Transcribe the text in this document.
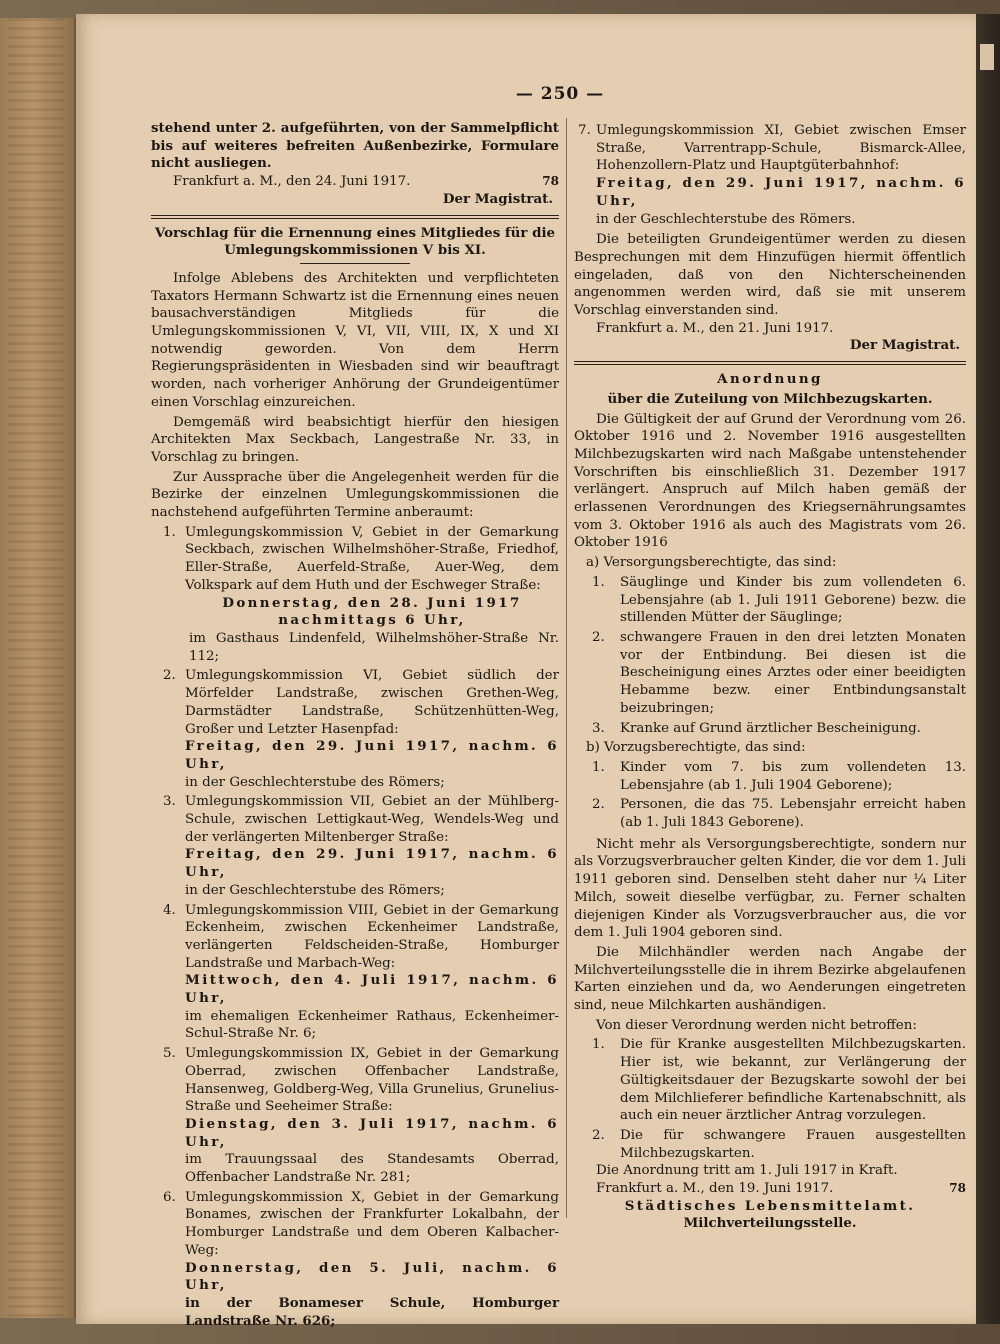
— 250 —

stehend unter 2. aufgeführten, von der Sammelpflicht bis auf weiteres befreiten Außenbezirke, Formulare nicht ausliegen.

Frankfurt a. M., den 24. Juni 1917.	78

Der Magistrat.

Vorschlag für die Ernennung eines Mitgliedes für die Umlegungskommissionen V bis XI.

Infolge Ablebens des Architekten und verpflichteten Taxators Hermann Schwartz ist die Ernennung eines neuen bausachverständigen Mitglieds für die Umlegungskommissionen V, VI, VII, VIII, IX, X und XI notwendig geworden. Von dem Herrn Regierungspräsidenten in Wiesbaden sind wir beauftragt worden, nach vorheriger Anhörung der Grundeigentümer einen Vorschlag einzureichen.

Demgemäß wird beabsichtigt hierfür den hiesigen Architekten Max Seckbach, Langestraße Nr. 33, in Vorschlag zu bringen.

Zur Aussprache über die Angelegenheit werden für die Bezirke der einzelnen Umlegungskommissionen die nachstehend aufgeführten Termine anberaumt:

1. Umlegungskommission V, Gebiet in der Gemarkung Seckbach, zwischen Wilhelmshöher-Straße, Friedhof, Eller-Straße, Auerfeld-Straße, Auer-Weg, dem Volkspark auf dem Huth und der Eschweger Straße:

Donnerstag, den 28. Juni 1917

nachmittags 6 Uhr,

im Gasthaus Lindenfeld, Wilhelmshöher-Straße Nr. 112;

2. Umlegungskommission VI, Gebiet südlich der Mörfelder Landstraße, zwischen Grethen-Weg, Darmstädter Landstraße, Schützenhütten-Weg, Großer und Letzter Hasenpfad:

Freitag, den 29. Juni 1917, nachm. 6 Uhr,

in der Geschlechterstube des Römers;

3. Umlegungskommission VII, Gebiet an der Mühlberg-Schule, zwischen Lettigkaut-Weg, Wendels-Weg und der verlängerten Miltenberger Straße:

Freitag, den 29. Juni 1917, nachm. 6 Uhr,

in der Geschlechterstube des Römers;

4. Umlegungskommission VIII, Gebiet in der Gemarkung Eckenheim, zwischen Eckenheimer Landstraße, verlängerten Feldscheiden-Straße, Homburger Landstraße und Marbach-Weg:

Mittwoch, den 4. Juli 1917, nachm. 6 Uhr,

im ehemaligen Eckenheimer Rathaus, Eckenheimer-Schul-Straße Nr. 6;

5. Umlegungskommission IX, Gebiet in der Gemarkung Oberrad, zwischen Offenbacher Landstraße, Hansenweg, Goldberg-Weg, Villa Grunelius, Grunelius-Straße und Seeheimer Straße:

Dienstag, den 3. Juli 1917, nachm. 6 Uhr,

im Trauungssaal des Standesamts Oberrad, Offenbacher Landstraße Nr. 281;

6. Umlegungskommission X, Gebiet in der Gemarkung Bonames, zwischen der Frankfurter Lokalbahn, der Homburger Landstraße und dem Oberen Kalbacher-Weg:

Donnerstag, den 5. Juli, nachm. 6 Uhr,

in der Bonameser Schule, Homburger Landstraße Nr. 626;

7. Umlegungskommission XI, Gebiet zwischen Emser Straße, Varrentrapp-Schule, Bismarck-Allee, Hohenzollern-Platz und Hauptgüterbahnhof:

Freitag, den 29. Juni 1917, nachm. 6 Uhr,

in der Geschlechterstube des Römers.

Die beteiligten Grundeigentümer werden zu diesen Besprechungen mit dem Hinzufügen hiermit öffentlich eingeladen, daß von den Nichterscheinenden angenommen werden wird, daß sie mit unserem Vorschlag einverstanden sind.

Frankfurt a. M., den 21. Juni 1917.

Der Magistrat.

Anordnung

über die Zuteilung von Milchbezugskarten.

Die Gültigkeit der auf Grund der Verordnung vom 26. Oktober 1916 und 2. November 1916 ausgestellten Milchbezugskarten wird nach Maßgabe untenstehender Vorschriften bis einschließlich 31. Dezember 1917 verlängert. Anspruch auf Milch haben gemäß der erlassenen Verordnungen des Kriegsernährungsamtes vom 3. Oktober 1916 als auch des Magistrats vom 26. Oktober 1916

a) Versorgungsberechtigte, das sind:

1.	Säuglinge und Kinder bis zum vollendeten 6. Lebensjahre (ab 1. Juli 1911 Geborene) bezw. die stillenden Mütter der Säuglinge;

2.	schwangere Frauen in den drei letzten Monaten vor der Entbindung. Bei diesen ist die Bescheinigung eines Arztes oder einer beeidigten Hebamme bezw. einer Entbindungsanstalt beizubringen;

3.	Kranke auf Grund ärztlicher Bescheinigung.

b) Vorzugsberechtigte, das sind:

1.	Kinder vom 7. bis zum vollendeten 13. Lebensjahre (ab 1. Juli 1904 Geborene);

2.	Personen, die das 75. Lebensjahr erreicht haben (ab 1. Juli 1843 Geborene).

Nicht mehr als Versorgungsberechtigte, sondern nur als Vorzugsverbraucher gelten Kinder, die vor dem 1. Juli 1911 geboren sind. Denselben steht daher nur ¼ Liter Milch, soweit dieselbe verfügbar, zu. Ferner schalten diejenigen Kinder als Vorzugsverbraucher aus, die vor dem 1. Juli 1904 geboren sind.

Die Milchhändler werden nach Angabe der Milchverteilungsstelle die in ihrem Bezirke abgelaufenen Karten einziehen und da, wo Aenderungen eingetreten sind, neue Milchkarten aushändigen.

Von dieser Verordnung werden nicht betroffen:

1.	Die für Kranke ausgestellten Milchbezugskarten. Hier ist, wie bekannt, zur Verlängerung der Gültigkeitsdauer der Bezugskarte sowohl der bei dem Milchlieferer befindliche Kartenabschnitt, als auch ein neuer ärztlicher Antrag vorzulegen.

2.	Die für schwangere Frauen ausgestellten Milchbezugskarten.

Die Anordnung tritt am 1. Juli 1917 in Kraft.

Frankfurt a. M., den 19. Juni 1917.	78

Städtisches Lebensmittelamt.

Milchverteilungsstelle.
